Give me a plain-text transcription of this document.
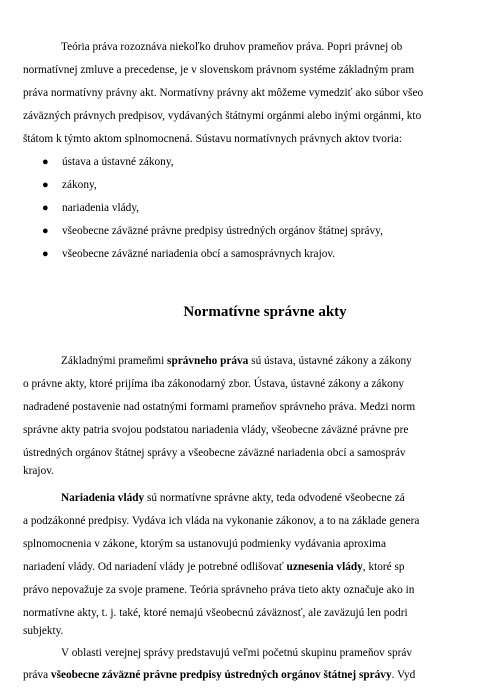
Teória práva rozoznáva niekoľko druhov prameňov práva. Popri právnej ob
normatívnej zmluve a precedense, je v slovenskom právnom systéme základným pram
práva normatívny právny akt. Normatívny právny akt môžeme vymedziť ako súbor všeo
záväzných právnych predpisov, vydávaných štátnymi orgánmi alebo inými orgánmi, kto
štátom k týmto aktom splnomocnená. Sústavu normatívnych právnych aktov tvoria:
● ústava a ústavné zákony,
● zákony,
● nariadenia vlády,
● všeobecne záväzné právne predpisy ústredných orgánov štátnej správy,
● všeobecne záväzné nariadenia obcí a samosprávnych krajov.
Normatívne správne akty
Základnými prameňmi správneho práva sú ústava, ústavné zákony a zákony
o právne akty, ktoré prijíma iba zákonodarný zbor. Ústava, ústavné zákony a zákony
nadradené postavenie nad ostatnými formami prameňov správneho práva. Medzi norm
správne akty patria svojou podstatou nariadenia vlády, všeobecne záväzné právne pre
ústredných orgánov štátnej správy a všeobecne záväzné nariadenia obcí a samospráv
krajov.
Nariadenia vlády sú normatívne správne akty, teda odvodené všeobecne zá
a podzákonné predpisy. Vydáva ich vláda na vykonanie zákonov, a to na základe genera
splnomocnenia v zákone, ktorým sa ustanovujú podmienky vydávania aproxima
nariadení vlády. Od nariadení vlády je potrebné odlišovať uznesenia vlády, ktoré sp
právo nepovažuje za svoje pramene. Teória správneho práva tieto akty označuje ako in
normatívne akty, t. j. také, ktoré nemajú všeobecnú záväznosť, ale zaväzujú len podri
subjekty.
V oblasti verejnej správy predstavujú veľmi početnú skupinu prameňov správ
práva všeobecne záväzné právne predpisy ústredných orgánov štátnej správy. Vyd
